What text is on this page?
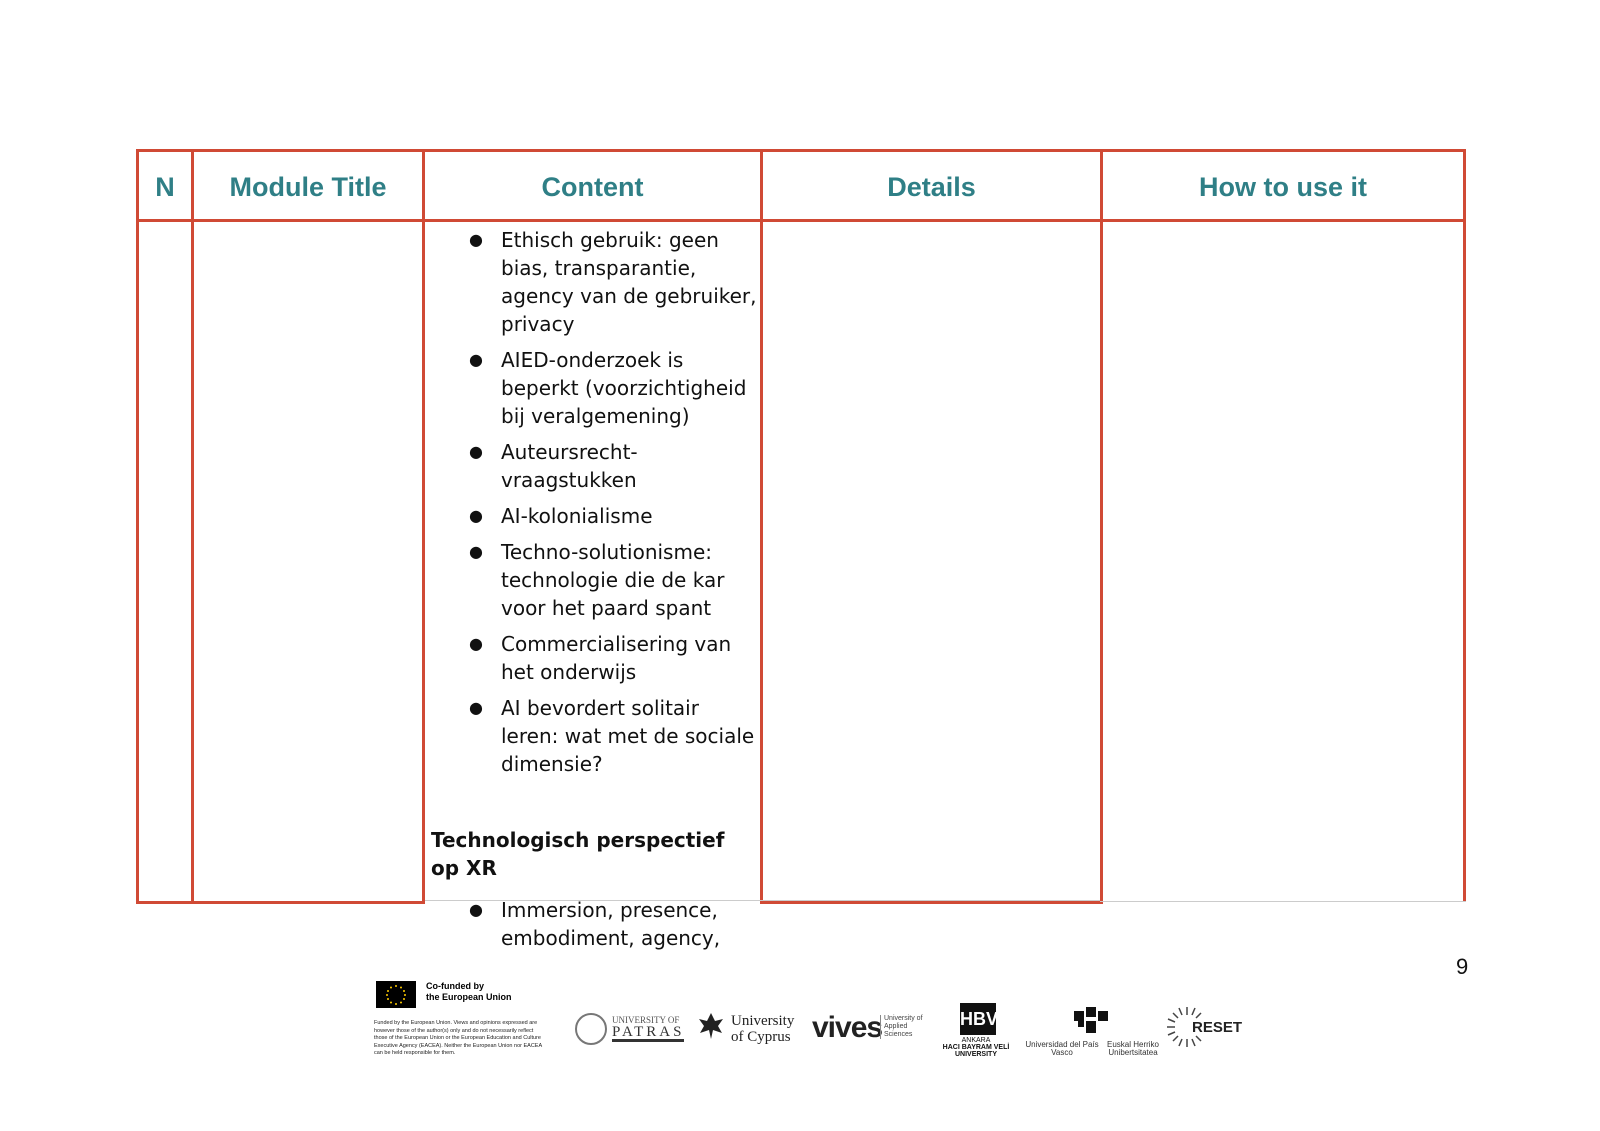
N	Module Title	Content	Details	How to use it
● Ethisch gebruik: geen bias, transparantie, agency van de gebruiker, privacy
● AIED-onderzoek is beperkt (voorzichtigheid bij veralgemening)
● Auteursrecht-vraagstukken
● AI-kolonialisme
● Techno-solutionisme: technologie die de kar voor het paard spant
● Commercialisering van het onderwijs
● AI bevordert solitair leren: wat met de sociale dimensie?
Technologisch perspectief op XR
● Immersion, presence, embodiment, agency,
9
Co-funded by
the European Union
Funded by the European Union. Views and opinions expressed are however those of the author(s) only and do not necessarily reflect those of the European Union or the European Education and Culture Executive Agency (EACEA). Neither the European Union nor EACEA can be held responsible for them.
UNIVERSITY OF
PATRAS
University
of Cyprus vives University of Applied Sciences
HBV
ANKARA
HACI BAYRAM VELİ
UNIVERSITY
Universidad del País Vasco
Euskal Herriko Unibertsitatea
RESET
